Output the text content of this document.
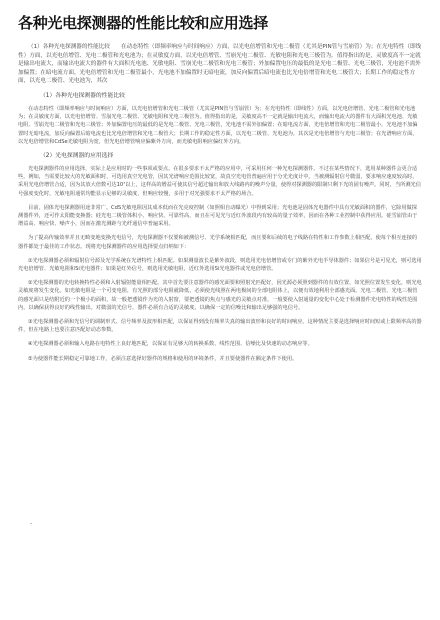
各种光电探测器的性能比较和应用选择

（1）各种光电探测器的性能比较　　在动态特性（即频率响应与时间响应）方面，以光电倍增管和光电二极管（尤其是PIN管与雪崩管）为；在光电特性（即线性）方面，以光电倍增管、光电二极管和光电池为；在灵敏度方面，以光电倍增管、雪崩光电二极管、光敏电阻和光电三极管为。值得指出的是，灵敏度高不一定就是输出电流大，而输出电流大的器件有大面积光电池、光敏电阻、雪崩光电二极管和光电三极管；外加偏置电压的最低的是光电二极管、光电三极管，光电池不需外加偏置；在暗电流方面，光电倍增管和光电二极管最小，光电池不加偏置时无暗电流，加反向偏置后暗电流也比光电倍增管和光电二极管大；长期工作的稳定性方面，以光电二极管、光电池为，其次

（1）各种光电探测器的性能比较

在动态特性（即频率响应与时间响应）方面，以光电倍增管和光电二极管（尤其是PIN管与雪崩管）为；在光电特性（即线性）方面，以光电倍增管、光电二极管和光电池为；在灵敏度方面，以光电倍增管、雪崩光电二极管、光敏电阻和光电三极管为。值得指出的是，灵敏度高不一定就是输出电流大，而输出电流大的器件有大面积光电池、光敏电阻、雪崩光电二极管和光电三极管；外加偏置电压的最低的是光电二极管、光电三极管，光电池不需外加偏置；在暗电流方面，光电倍增管和光电二极管最小，光电池不加偏置时无暗电流，加反向偏置后暗电流也比光电倍增管和光电二极管大；长期工作的稳定性方面，以光电二极管、光电池为，其次是光电倍增管与光电三极管；在光谱响应方面，以光电倍增管和CdSe光敏电阻为宽，但光电倍增管响应偏紫外方向，而光敏电阻响应偏红外方向。

（2）光电探测器的应用选择

光电探测器件的应用选择，实际上是应用时的一些事项或要点。在很多要求不太严格的应用中，可采用任何一种光电探测器件。不过在某些情况下，选用某种器件会更合适些。例如，当需要比较大的光敏面积时，可选用真空光电管，因其光谱响应范围比较宽，故真空光电管普遍应用于分光光度计中。当被测辐射信号微弱，要求响应速度较高时，采用光电倍增管合适，因为其放大倍数可达10⁷以上，这样高的增益可使其信号超过输出和放大线路内的噪声分量，使得对探测器的限制只剩下光的固有噪声。同时，当所测光信号强度变化时，光敏电阻通常均能显示足够的灵敏度，但响应较慢，多用于对光强要求不太严格的场合。

目前，固体光电探测器用途非常广。CdS光敏电阻因其成本低而在光亮度控制（如照相自动曝光）中得到采用；光电池是固体光电器件中具有光敏面积的器件，它除用做探测器件外，还可作太阳能变换器；硅光电二极管体积小、响应快、可靠性高，而且在可见光与近红外波段内有较高的量子效率，因而在各种工业控制中获得应用。硅雪崩管由于增益高、响应快、噪声小，因而在激光测距与光纤通信中普遍采用。

为了提高传输效率并且无畸变地变换光电信号，光电探测器不仅要和被测信号、光学系统相匹配，而且要和后续的电子线路在特性和工作参数上相匹配，使每个相互连接的器件都处于最佳的工作状态。现将光电探测器件的应用选择要点归纳如下：

①光电探测器必须和辐射信号源及光学系统在光谱特性上相匹配。如果测量波长是紫外波段，则选用光电倍增管或专门的紫外光电半导体器件；如果信号是可见光，则可选用光电倍增管、光敏电阻和Si光电器件；如果是红外信号，则选用光敏电阻，近红外选用Si光电器件或光电倍增管。

②光电探测器的光电转换特性必须和入射辐射能量相匹配。其中首先要注意器件的感光面要和照射光匹配好，因光源必须照到器件的有效位置，如光照位置发生变化，则光电灵敏度将发生变化。如光敏电阻是一个可变电阻，有光照的部分电阻就降低，必须使光线照在两电极间的全部电阻体上，以便有效地利用全部感光面。光电二极管、光电三极管的感光面只是结附近的一个极小的面积，故一般把透镜作为光的入射窗，要把透镜的焦点与感光的灵敏点对准。一般要使入射通量的变化中心处于检测器件光电特性的线性范围内，以确保获得良好的线性输出。对微弱的光信号，器件必须有合适的灵敏度，以确保一定的信噪比和输出足够强的电信号。

③光电探测器必须和光信号的调制形式、信号频率及波形相匹配，以保证得到没有频率失真的输出波形和良好的时间响应。这种情况主要是选择响应时间短或上限频率高的器件，但在电路上也要注意匹配好动态参数。

④光电探测器必须和输入电路在电特性上良好地匹配，以保证有足够大的转换系数、线性范围、信噪比及快速的动态响应等。

⑤为使器件能长期稳定可靠地工作，必须注意选择好器件的规格和使用的环境条件，并且要使器件在额定条件下使用。

·
